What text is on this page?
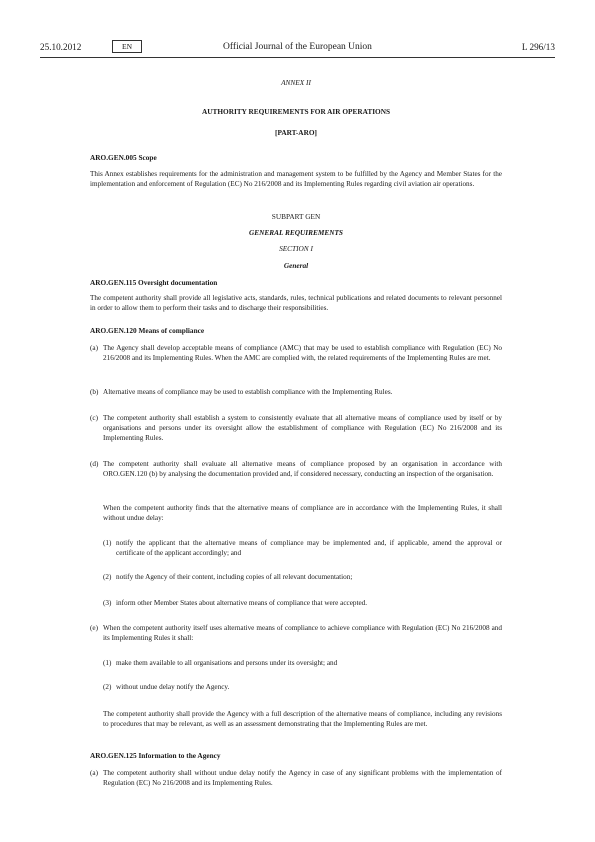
Official Journal of the European Union
25.10.2012	EN	L 296/13
ANNEX II
AUTHORITY REQUIREMENTS FOR AIR OPERATIONS
[PART-ARO]
ARO.GEN.005 Scope
This Annex establishes requirements for the administration and management system to be fulfilled by the Agency and Member States for the implementation and enforcement of Regulation (EC) No 216/2008 and its Implementing Rules regarding civil aviation air operations.
SUBPART GEN
GENERAL REQUIREMENTS
SECTION I
General
ARO.GEN.115 Oversight documentation
The competent authority shall provide all legislative acts, standards, rules, technical publications and related documents to relevant personnel in order to allow them to perform their tasks and to discharge their responsibilities.
ARO.GEN.120 Means of compliance
(a) The Agency shall develop acceptable means of compliance (AMC) that may be used to establish compliance with Regulation (EC) No 216/2008 and its Implementing Rules. When the AMC are complied with, the related requirements of the Implementing Rules are met.
(b) Alternative means of compliance may be used to establish compliance with the Implementing Rules.
(c) The competent authority shall establish a system to consistently evaluate that all alternative means of compliance used by itself or by organisations and persons under its oversight allow the establishment of compliance with Regulation (EC) No 216/2008 and its Implementing Rules.
(d) The competent authority shall evaluate all alternative means of compliance proposed by an organisation in accordance with ORO.GEN.120 (b) by analysing the documentation provided and, if considered necessary, conducting an inspection of the organisation.
When the competent authority finds that the alternative means of compliance are in accordance with the Implementing Rules, it shall without undue delay:
(1) notify the applicant that the alternative means of compliance may be implemented and, if applicable, amend the approval or certificate of the applicant accordingly; and
(2) notify the Agency of their content, including copies of all relevant documentation;
(3) inform other Member States about alternative means of compliance that were accepted.
(e) When the competent authority itself uses alternative means of compliance to achieve compliance with Regulation (EC) No 216/2008 and its Implementing Rules it shall:
(1) make them available to all organisations and persons under its oversight; and
(2) without undue delay notify the Agency.
The competent authority shall provide the Agency with a full description of the alternative means of compliance, including any revisions to procedures that may be relevant, as well as an assessment demonstrating that the Implementing Rules are met.
ARO.GEN.125 Information to the Agency
(a) The competent authority shall without undue delay notify the Agency in case of any significant problems with the implementation of Regulation (EC) No 216/2008 and its Implementing Rules.
